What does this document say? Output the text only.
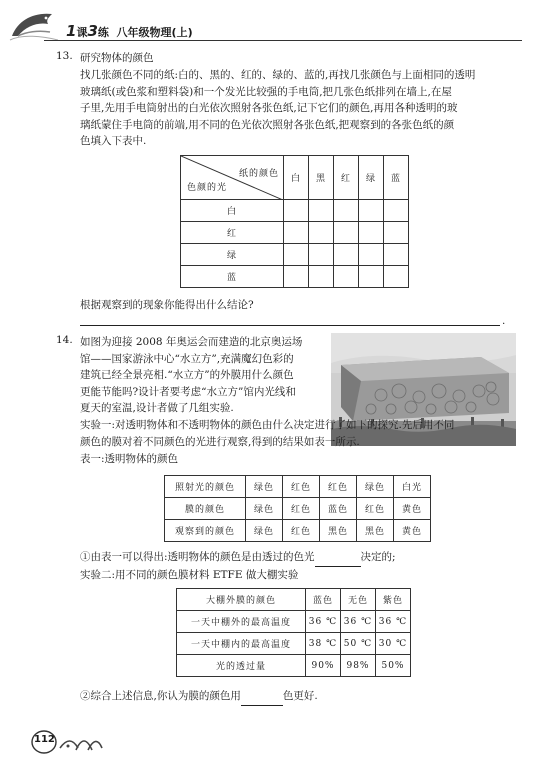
1课3练 八年级物理(上)
13. 研究物体的颜色
找几张颜色不同的纸:白的、黑的、红的、绿的、蓝的,再找几张颜色与上面相同的透明
玻璃纸(或色浆和塑料袋)和一个发光比较强的手电筒,把几张色纸排列在墙上,在屋
子里,先用手电筒射出的白光依次照射各张色纸,记下它们的颜色,再用各种透明的玻
璃纸蒙住手电筒的前端,用不同的色光依次照射各张色纸,把观察到的各张色纸的颜
色填入下表中.
纸的颜色
色颜的光	白	黑	红	绿	蓝
白					
红					
绿					
蓝					
根据观察到的现象你能得出什么结论?
.
14. 如图为迎接 2008 年奥运会而建造的北京奥运场
馆——国家游泳中心“水立方”,充满魔幻色彩的
建筑已经全景亮相.“水立方”的外膜用什么颜色
更能节能吗?设计者要考虑“水立方”馆内光线和
夏天的室温,设计者做了几组实验.
实验一:对透明物体和不透明物体的颜色由什么决定进行了如下的探究.先后用不同
颜色的膜对着不同颜色的光进行观察,得到的结果如表一所示.
表一:透明物体的颜色
照射光的颜色	绿色	红色	红色	绿色	白光
膜的颜色	绿色	红色	蓝色	红色	黄色
观察到的颜色	绿色	红色	黑色	黑色	黄色
①由表一可以得出:透明物体的颜色是由透过的色光	决定的;
实验二:用不同的颜色膜材料 ETFE 做大棚实验
大棚外膜的颜色	蓝色	无色	紫色
一天中棚外的最高温度	36 ℃	36 ℃	36 ℃
一天中棚内的最高温度	38 ℃	50 ℃	30 ℃
光的透过量	90%	98%	50%
②综合上述信息,你认为膜的颜色用	色更好.
112
